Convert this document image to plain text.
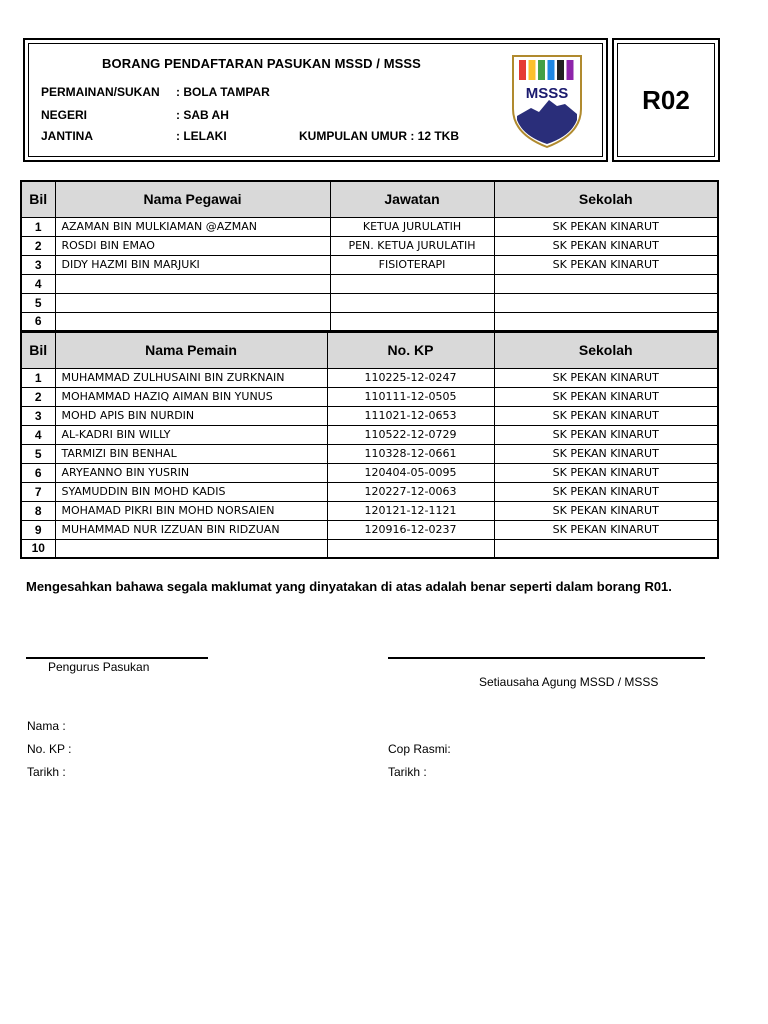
BORANG PENDAFTARAN PASUKAN MSSD / MSSS
PERMAINAN/SUKAN : BOLA TAMPAR
NEGERI	: SAB AH
JANTINA	: LELAKI	KUMPULAN UMUR : 12 TKB
MSSS	R02
Bil	Nama Pegawai	Jawatan	Sekolah
1	AZAMAN BIN MULKIAMAN @AZMAN	KETUA JURULATIH	SK PEKAN KINARUT
2	ROSDI BIN EMAO	PEN. KETUA JURULATIH	SK PEKAN KINARUT
3	DIDY HAZMI BIN MARJUKI	FISIOTERAPI	SK PEKAN KINARUT
4			
5			
6			
Bil	Nama Pemain	No. KP	Sekolah
1	MUHAMMAD ZULHUSAINI BIN ZURKNAIN	110225-12-0247	SK PEKAN KINARUT
2	MOHAMMAD HAZIQ AIMAN BIN YUNUS	110111-12-0505	SK PEKAN KINARUT
3	MOHD APIS BIN NURDIN	111021-12-0653	SK PEKAN KINARUT
4	AL-KADRI BIN WILLY	110522-12-0729	SK PEKAN KINARUT
5	TARMIZI BIN BENHAL	110328-12-0661	SK PEKAN KINARUT
6	ARYEANNO BIN YUSRIN	120404-05-0095	SK PEKAN KINARUT
7	SYAMUDDIN BIN MOHD KADIS	120227-12-0063	SK PEKAN KINARUT
8	MOHAMAD PIKRI BIN MOHD NORSAIEN	120121-12-1121	SK PEKAN KINARUT
9	MUHAMMAD NUR IZZUAN BIN RIDZUAN	120916-12-0237	SK PEKAN KINARUT
10			
Mengesahkan bahawa segala maklumat yang dinyatakan di atas adalah benar seperti dalam borang R01.
Pengurus Pasukan
Setiausaha Agung MSSD / MSSS
Nama :
No. KP :
Tarikh :
Cop Rasmi:
Tarikh :
